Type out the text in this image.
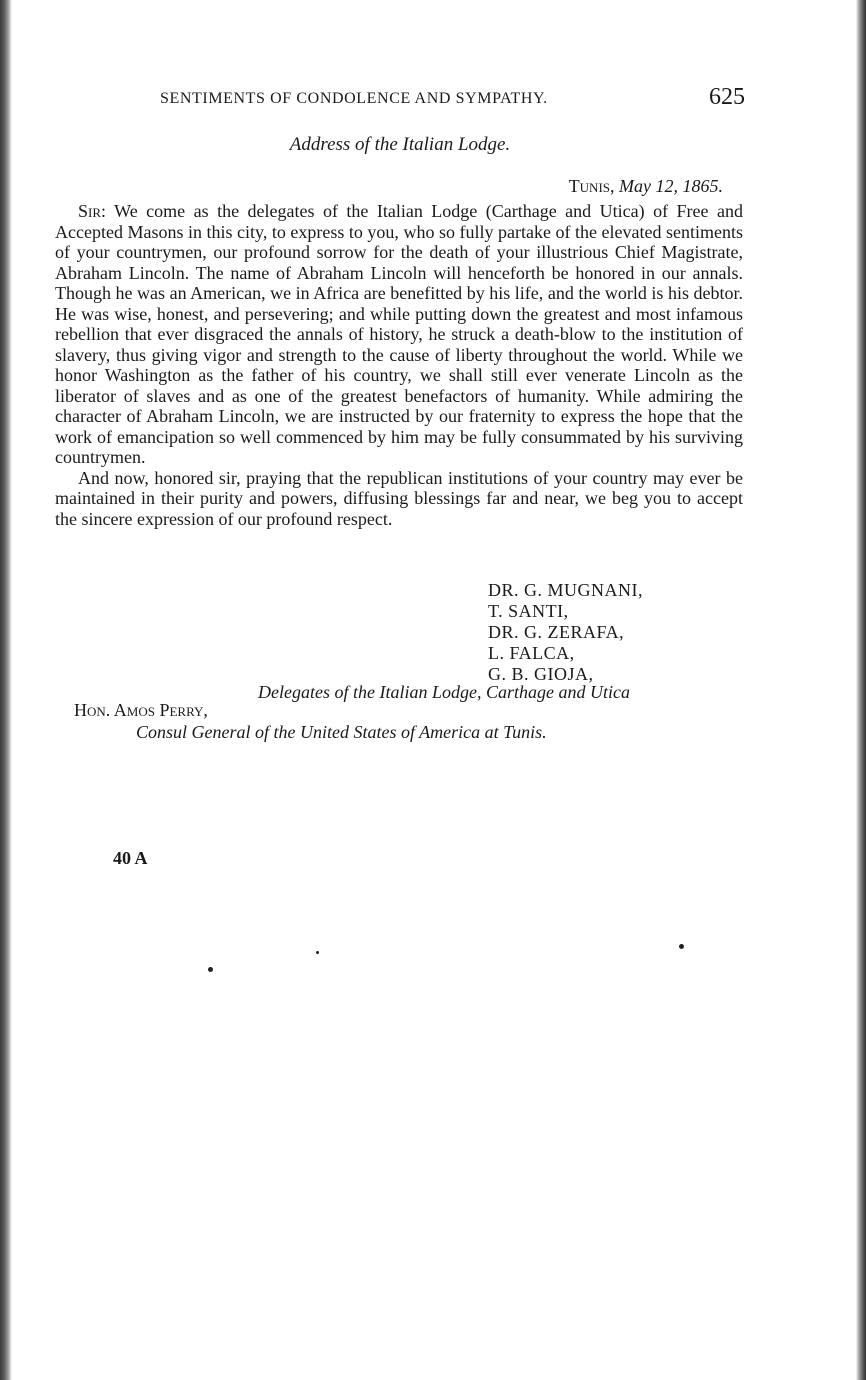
SENTIMENTS OF CONDOLENCE AND SYMPATHY.	625
Address of the Italian Lodge.
Tunis, May 12, 1865.

Sir: We come as the delegates of the Italian Lodge (Carthage and Utica) of Free and Accepted Masons in this city, to express to you, who so fully partake of the elevated sentiments of your countrymen, our profound sorrow for the death of your illustrious Chief Magistrate, Abraham Lincoln. The name of Abraham Lincoln will henceforth be honored in our annals. Though he was an American, we in Africa are benefitted by his life, and the world is his debtor. He was wise, honest, and persevering; and while putting down the greatest and most infamous rebellion that ever disgraced the annals of history, he struck a death-blow to the institution of slavery, thus giving vigor and strength to the cause of liberty throughout the world. While we honor Washington as the father of his country, we shall still ever venerate Lincoln as the liberator of slaves and as one of the greatest benefactors of humanity. While admiring the character of Abraham Lincoln, we are instructed by our fraternity to express the hope that the work of emancipation so well commenced by him may be fully consummated by his surviving countrymen.

And now, honored sir, praying that the republican institutions of your country may ever be maintained in their purity and powers, diffusing blessings far and near, we beg you to accept the sincere expression of our profound respect.

DR. G. MUGNANI,
T. SANTI,
DR. G. ZERAFA,
L. FALCA,
G. B. GIOJA,
Delegates of the Italian Lodge, Carthage and Utica
Hon. Amos Perry,
Consul General of the United States of America at Tunis.
40 A
